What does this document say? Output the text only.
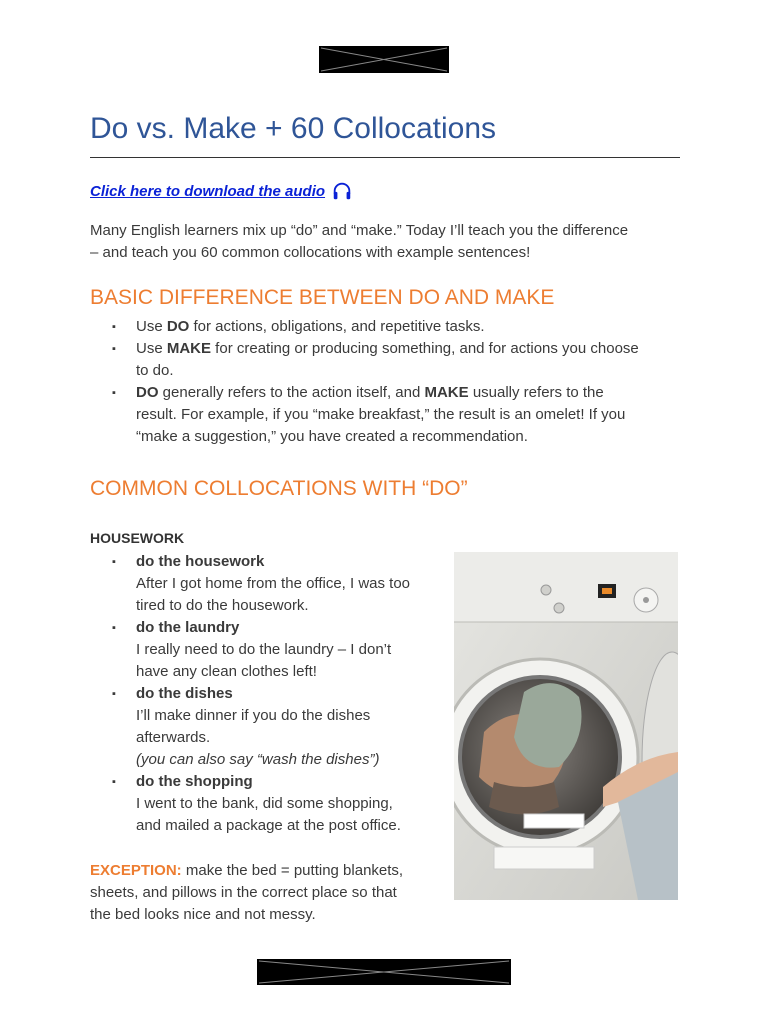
Do vs. Make + 60 Collocations
Click here to download the audio

Many English learners mix up “do” and “make.” Today I’ll teach you the difference

– and teach you 60 common collocations with example sentences!

BASIC DIFFERENCE BETWEEN DO AND MAKE
▪ Use DO for actions, obligations, and repetitive tasks.
▪ Use MAKE for creating or producing something, and for actions you choose
to do.
▪ DO generally refers to the action itself, and MAKE usually refers to the
result. For example, if you “make breakfast,” the result is an omelet! If you
“make a suggestion,” you have created a recommendation.
COMMON COLLOCATIONS WITH “DO”
HOUSEWORK
▪ do the housework
After I got home from the office, I was too
tired to do the housework.
▪ do the laundry
I really need to do the laundry – I don’t
have any clean clothes left!
▪ do the dishes
I’ll make dinner if you do the dishes
afterwards.
(you can also say “wash the dishes”)
▪ do the shopping
I went to the bank, did some shopping,
and mailed a package at the post office.
EXCEPTION: make the bed = putting blankets,
sheets, and pillows in the correct place so that
the bed looks nice and not messy.
